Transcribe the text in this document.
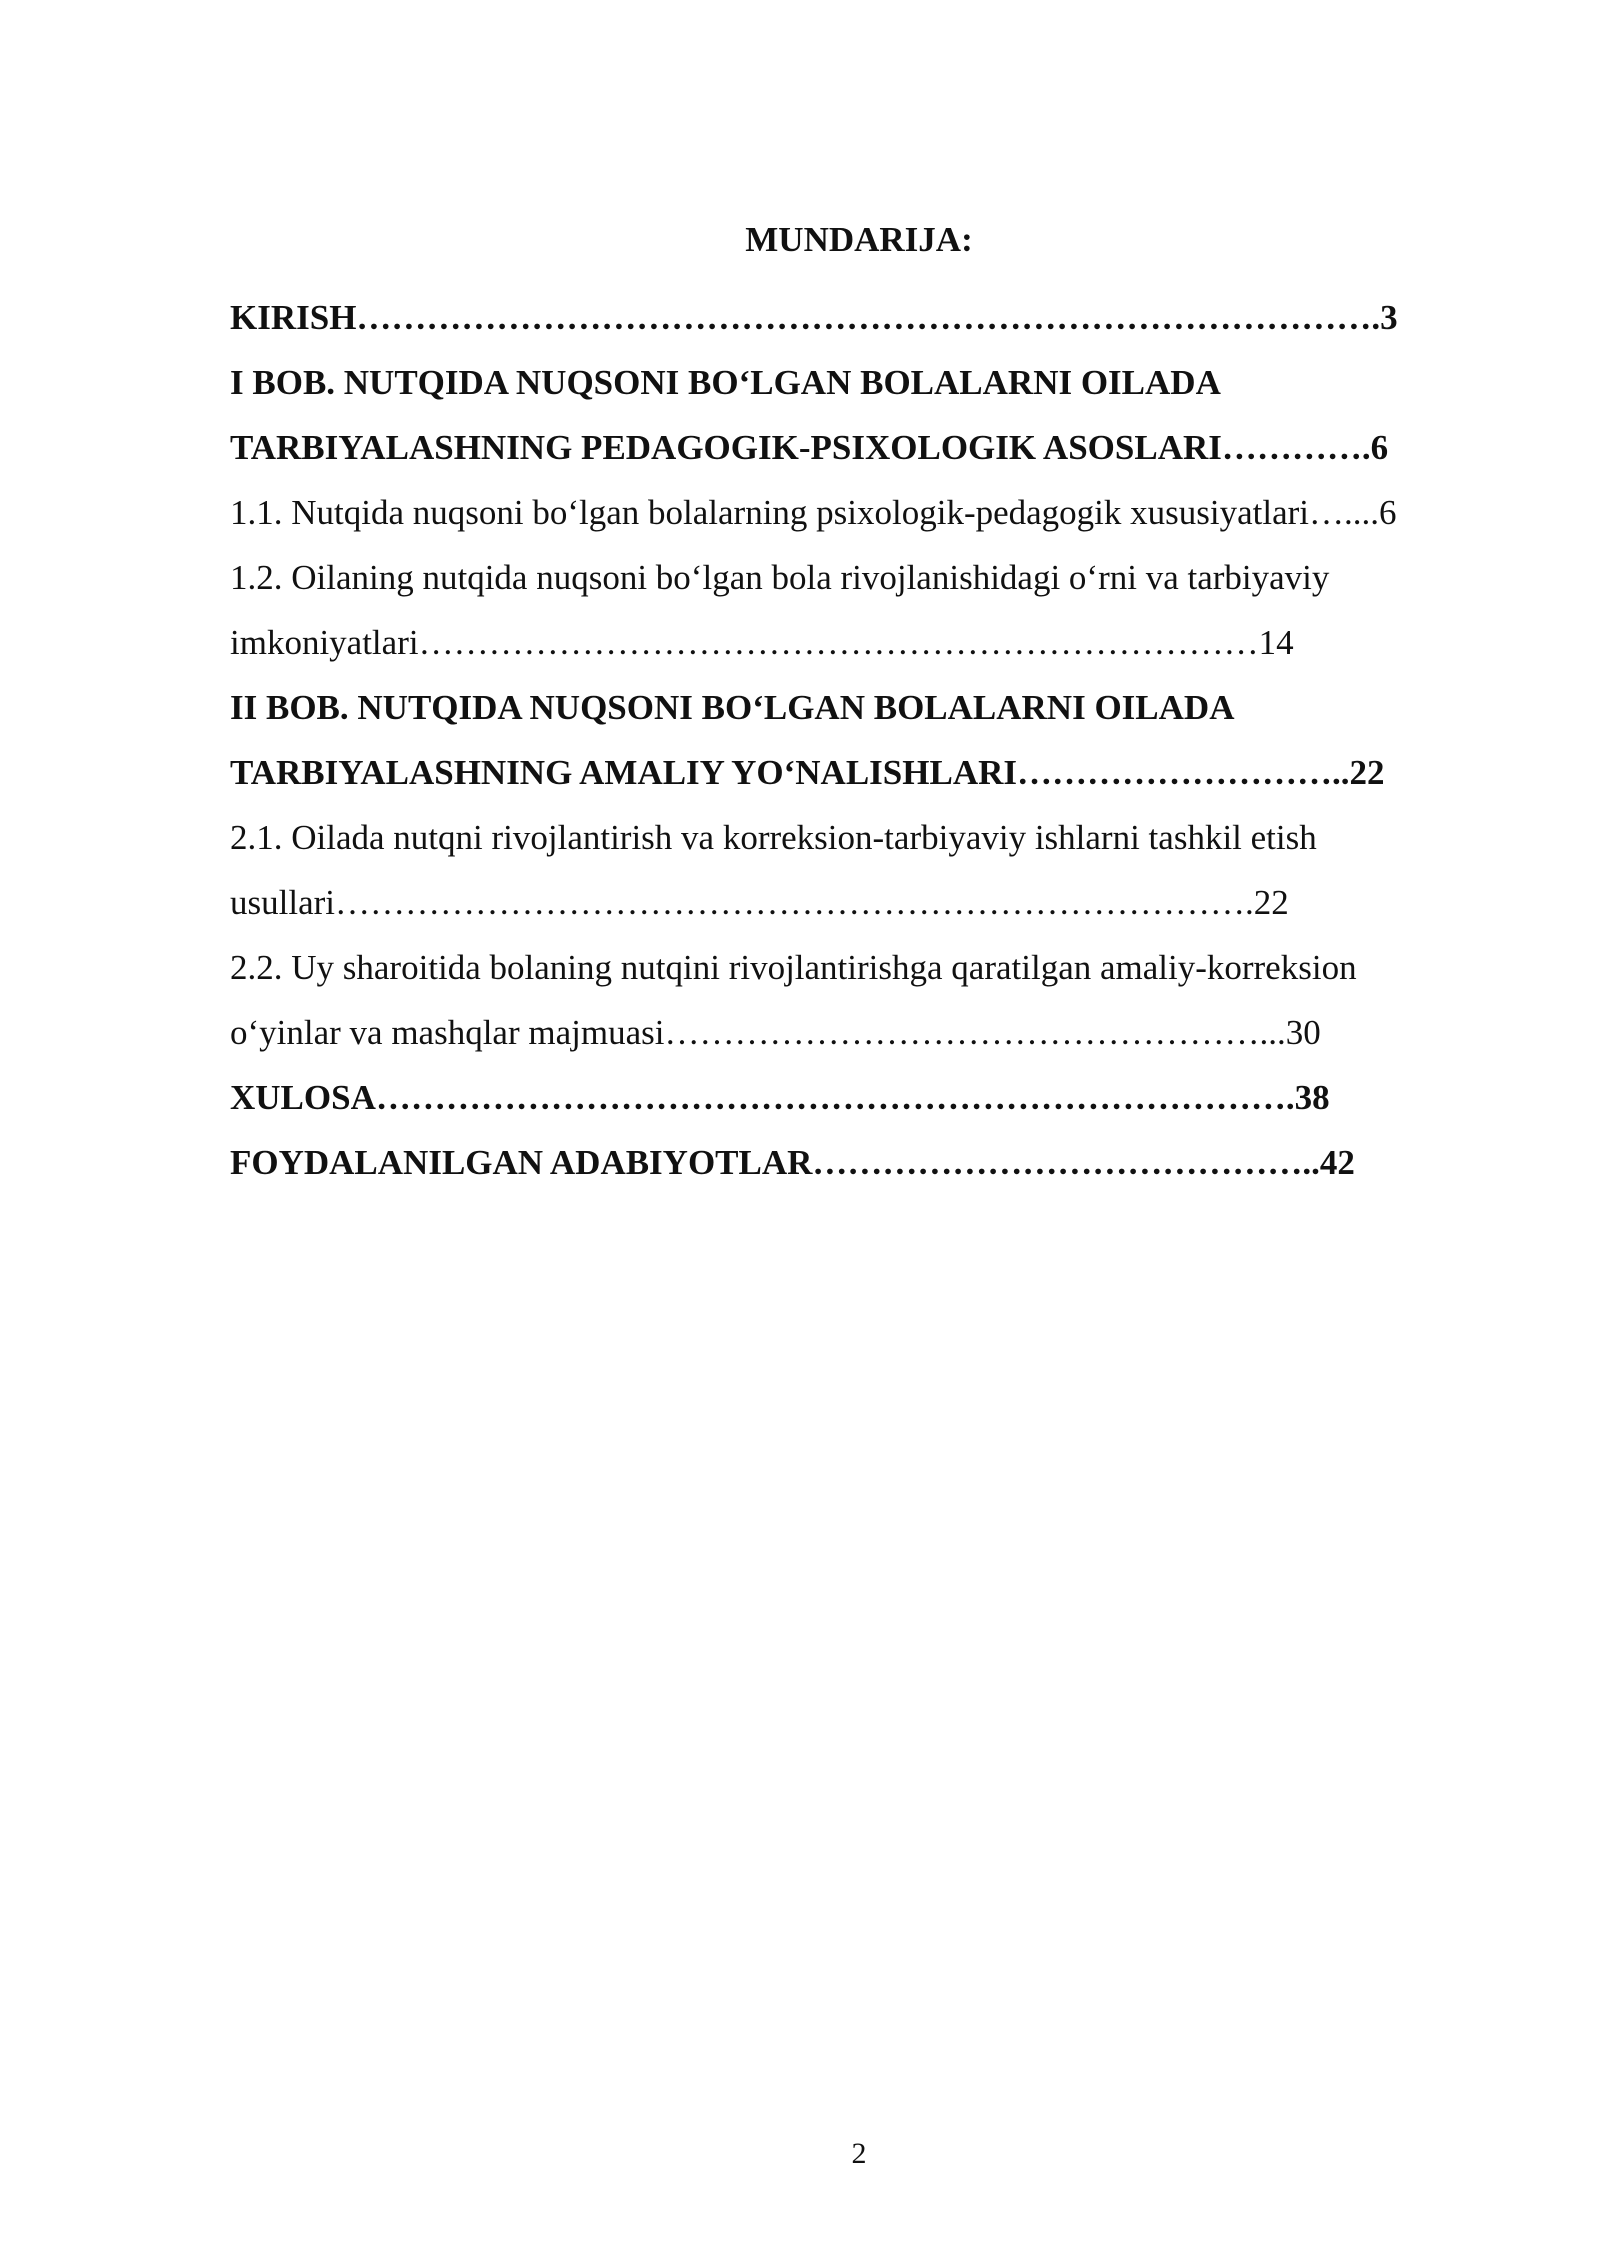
MUNDARIJA:
KIRISH…………………………………………………………………………….3
I BOB. NUTQIDA NUQSONI BO‘LGAN BOLALARNI OILADA
TARBIYALASHNING PEDAGOGIK-PSIXOLOGIK ASOSLARI………….6
1.1. Nutqida nuqsoni bo‘lgan bolalarning psixologik-pedagogik xususiyatlari…....6
1.2. Oilaning nutqida nuqsoni bo‘lgan bola rivojlanishidagi o‘rni va tarbiyaviy
imkoniyatlari………………………………………………………………14
II BOB. NUTQIDA NUQSONI BO‘LGAN BOLALARNI OILADA
TARBIYALASHNING AMALIY YO‘NALISHLARI………………………..22
2.1. Oilada nutqni rivojlantirish va korreksion-tarbiyaviy ishlarni tashkil etish
usullari…………………………………………………………………….22
2.2. Uy sharoitida bolaning nutqini rivojlantirishga qaratilgan amaliy-korreksion
o‘yinlar va mashqlar majmuasi……………………………………………...30
XULOSA…………………………………………………………………….38
FOYDALANILGAN ADABIYOTLAR……………………………………..42
2
